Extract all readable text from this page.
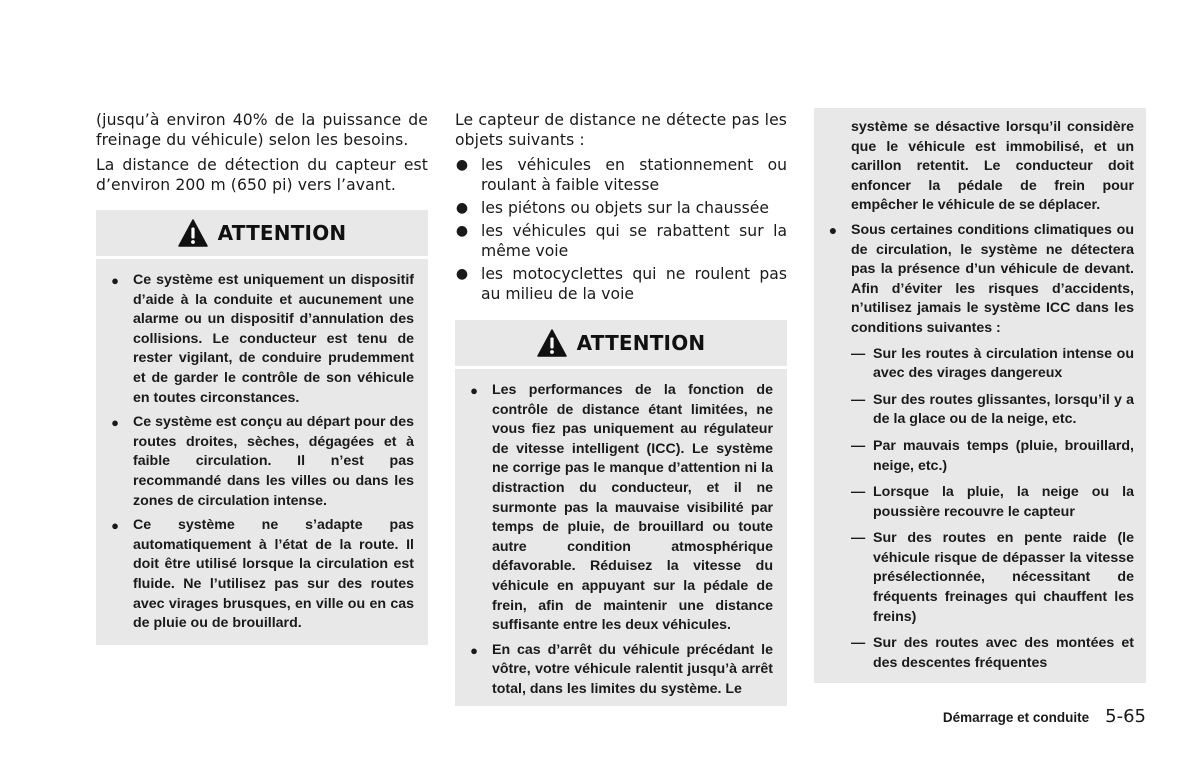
(jusqu’à environ 40% de la puissance de freinage du véhicule) selon les besoins.

La distance de détection du capteur est d’environ 200 m (650 pi) vers l’avant.

ATTENTION
● Ce système est uniquement un dispositif d’aide à la conduite et aucunement une alarme ou un dispositif d’annulation des collisions. Le conducteur est tenu de rester vigilant, de conduire prudemment et de garder le contrôle de son véhicule en toutes circonstances.
● Ce système est conçu au départ pour des routes droites, sèches, dégagées et à faible circulation. Il n’est pas recommandé dans les villes ou dans les zones de circulation intense.
● Ce système ne s’adapte pas automatiquement à l’état de la route. Il doit être utilisé lorsque la circulation est fluide. Ne l’utilisez pas sur des routes avec virages brusques, en ville ou en cas de pluie ou de brouillard.

Le capteur de distance ne détecte pas les objets suivants :

● les véhicules en stationnement ou roulant à faible vitesse
● les piétons ou objets sur la chaussée
● les véhicules qui se rabattent sur la même voie
● les motocyclettes qui ne roulent pas au milieu de la voie
ATTENTION
● Les performances de la fonction de contrôle de distance étant limitées, ne vous fiez pas uniquement au régulateur de vitesse intelligent (ICC). Le système ne corrige pas le manque d’attention ni la distraction du conducteur, et il ne surmonte pas la mauvaise visibilité par temps de pluie, de brouillard ou toute autre condition atmosphérique défavorable. Réduisez la vitesse du véhicule en appuyant sur la pédale de frein, afin de maintenir une distance suffisante entre les deux véhicules.
● En cas d’arrêt du véhicule précédant le vôtre, votre véhicule ralentit jusqu’à arrêt total, dans les limites du système. Le

système se désactive lorsqu’il considère que le véhicule est immobilisé, et un carillon retentit. Le conducteur doit enfoncer la pédale de frein pour empêcher le véhicule de se déplacer.

● Sous certaines conditions climatiques ou de circulation, le système ne détectera pas la présence d’un véhicule de devant. Afin d’éviter les risques d’accidents, n’utilisez jamais le système ICC dans les conditions suivantes :
— Sur les routes à circulation intense ou avec des virages dangereux
— Sur des routes glissantes, lorsqu’il y a de la glace ou de la neige, etc.
— Par mauvais temps (pluie, brouillard, neige, etc.)
— Lorsque la pluie, la neige ou la poussière recouvre le capteur
— Sur des routes en pente raide (le véhicule risque de dépasser la vitesse présélectionnée, nécessitant de fréquents freinages qui chauffent les freins)
— Sur des routes avec des montées et des descentes fréquentes
Démarrage et conduite 5-65
